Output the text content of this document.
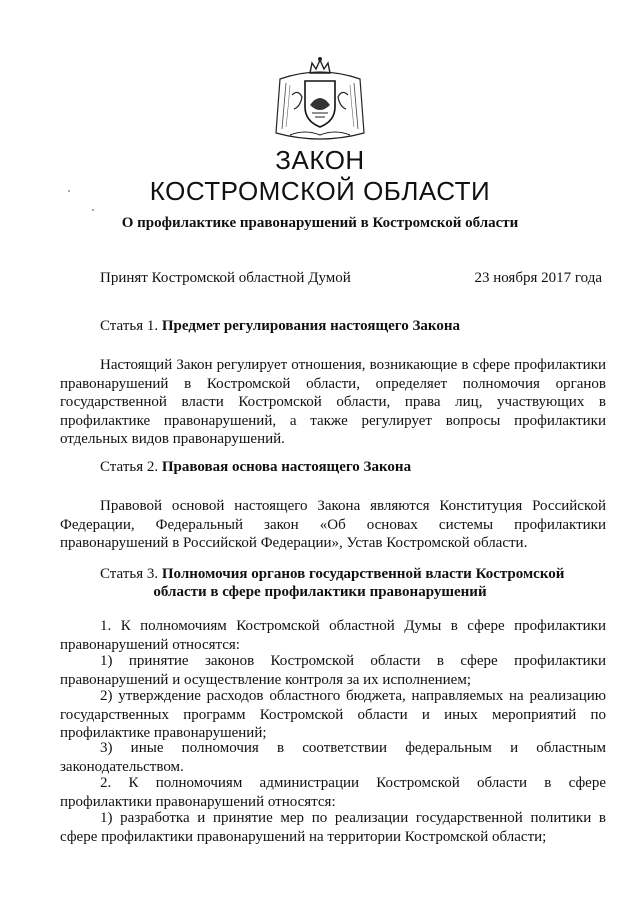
ЗАКОН
КОСТРОМСКОЙ ОБЛАСТИ
О профилактике правонарушений в Костромской области
Принят Костромской областной Думой	23 ноября 2017 года
Статья 1. Предмет регулирования настоящего Закона

Настоящий Закон регулирует отношения, возникающие в сфере профилактики правонарушений в Костромской области, определяет полномочия органов государственной власти Костромской области, права лиц, участвующих в профилактике правонарушений, а также регулирует вопросы профилактики отдельных видов правонарушений.

Статья 2. Правовая основа настоящего Закона

Правовой основой настоящего Закона являются Конституция Российской Федерации, Федеральный закон «Об основах системы профилактики правонарушений в Российской Федерации», Устав Костромской области.

Статья 3. Полномочия органов государственной власти Костромской
области в сфере профилактики правонарушений

1. К полномочиям Костромской областной Думы в сфере профилактики правонарушений относятся:

1) принятие законов Костромской области в сфере профилактики правонарушений и осуществление контроля за их исполнением;

2) утверждение расходов областного бюджета, направляемых на реализацию государственных программ Костромской области и иных мероприятий по профилактике правонарушений;

3) иные полномочия в соответствии федеральным и областным законодательством.

2. К полномочиям администрации Костромской области в сфере профилактики правонарушений относятся:

1) разработка и принятие мер по реализации государственной политики в сфере профилактики правонарушений на территории Костромской области;
